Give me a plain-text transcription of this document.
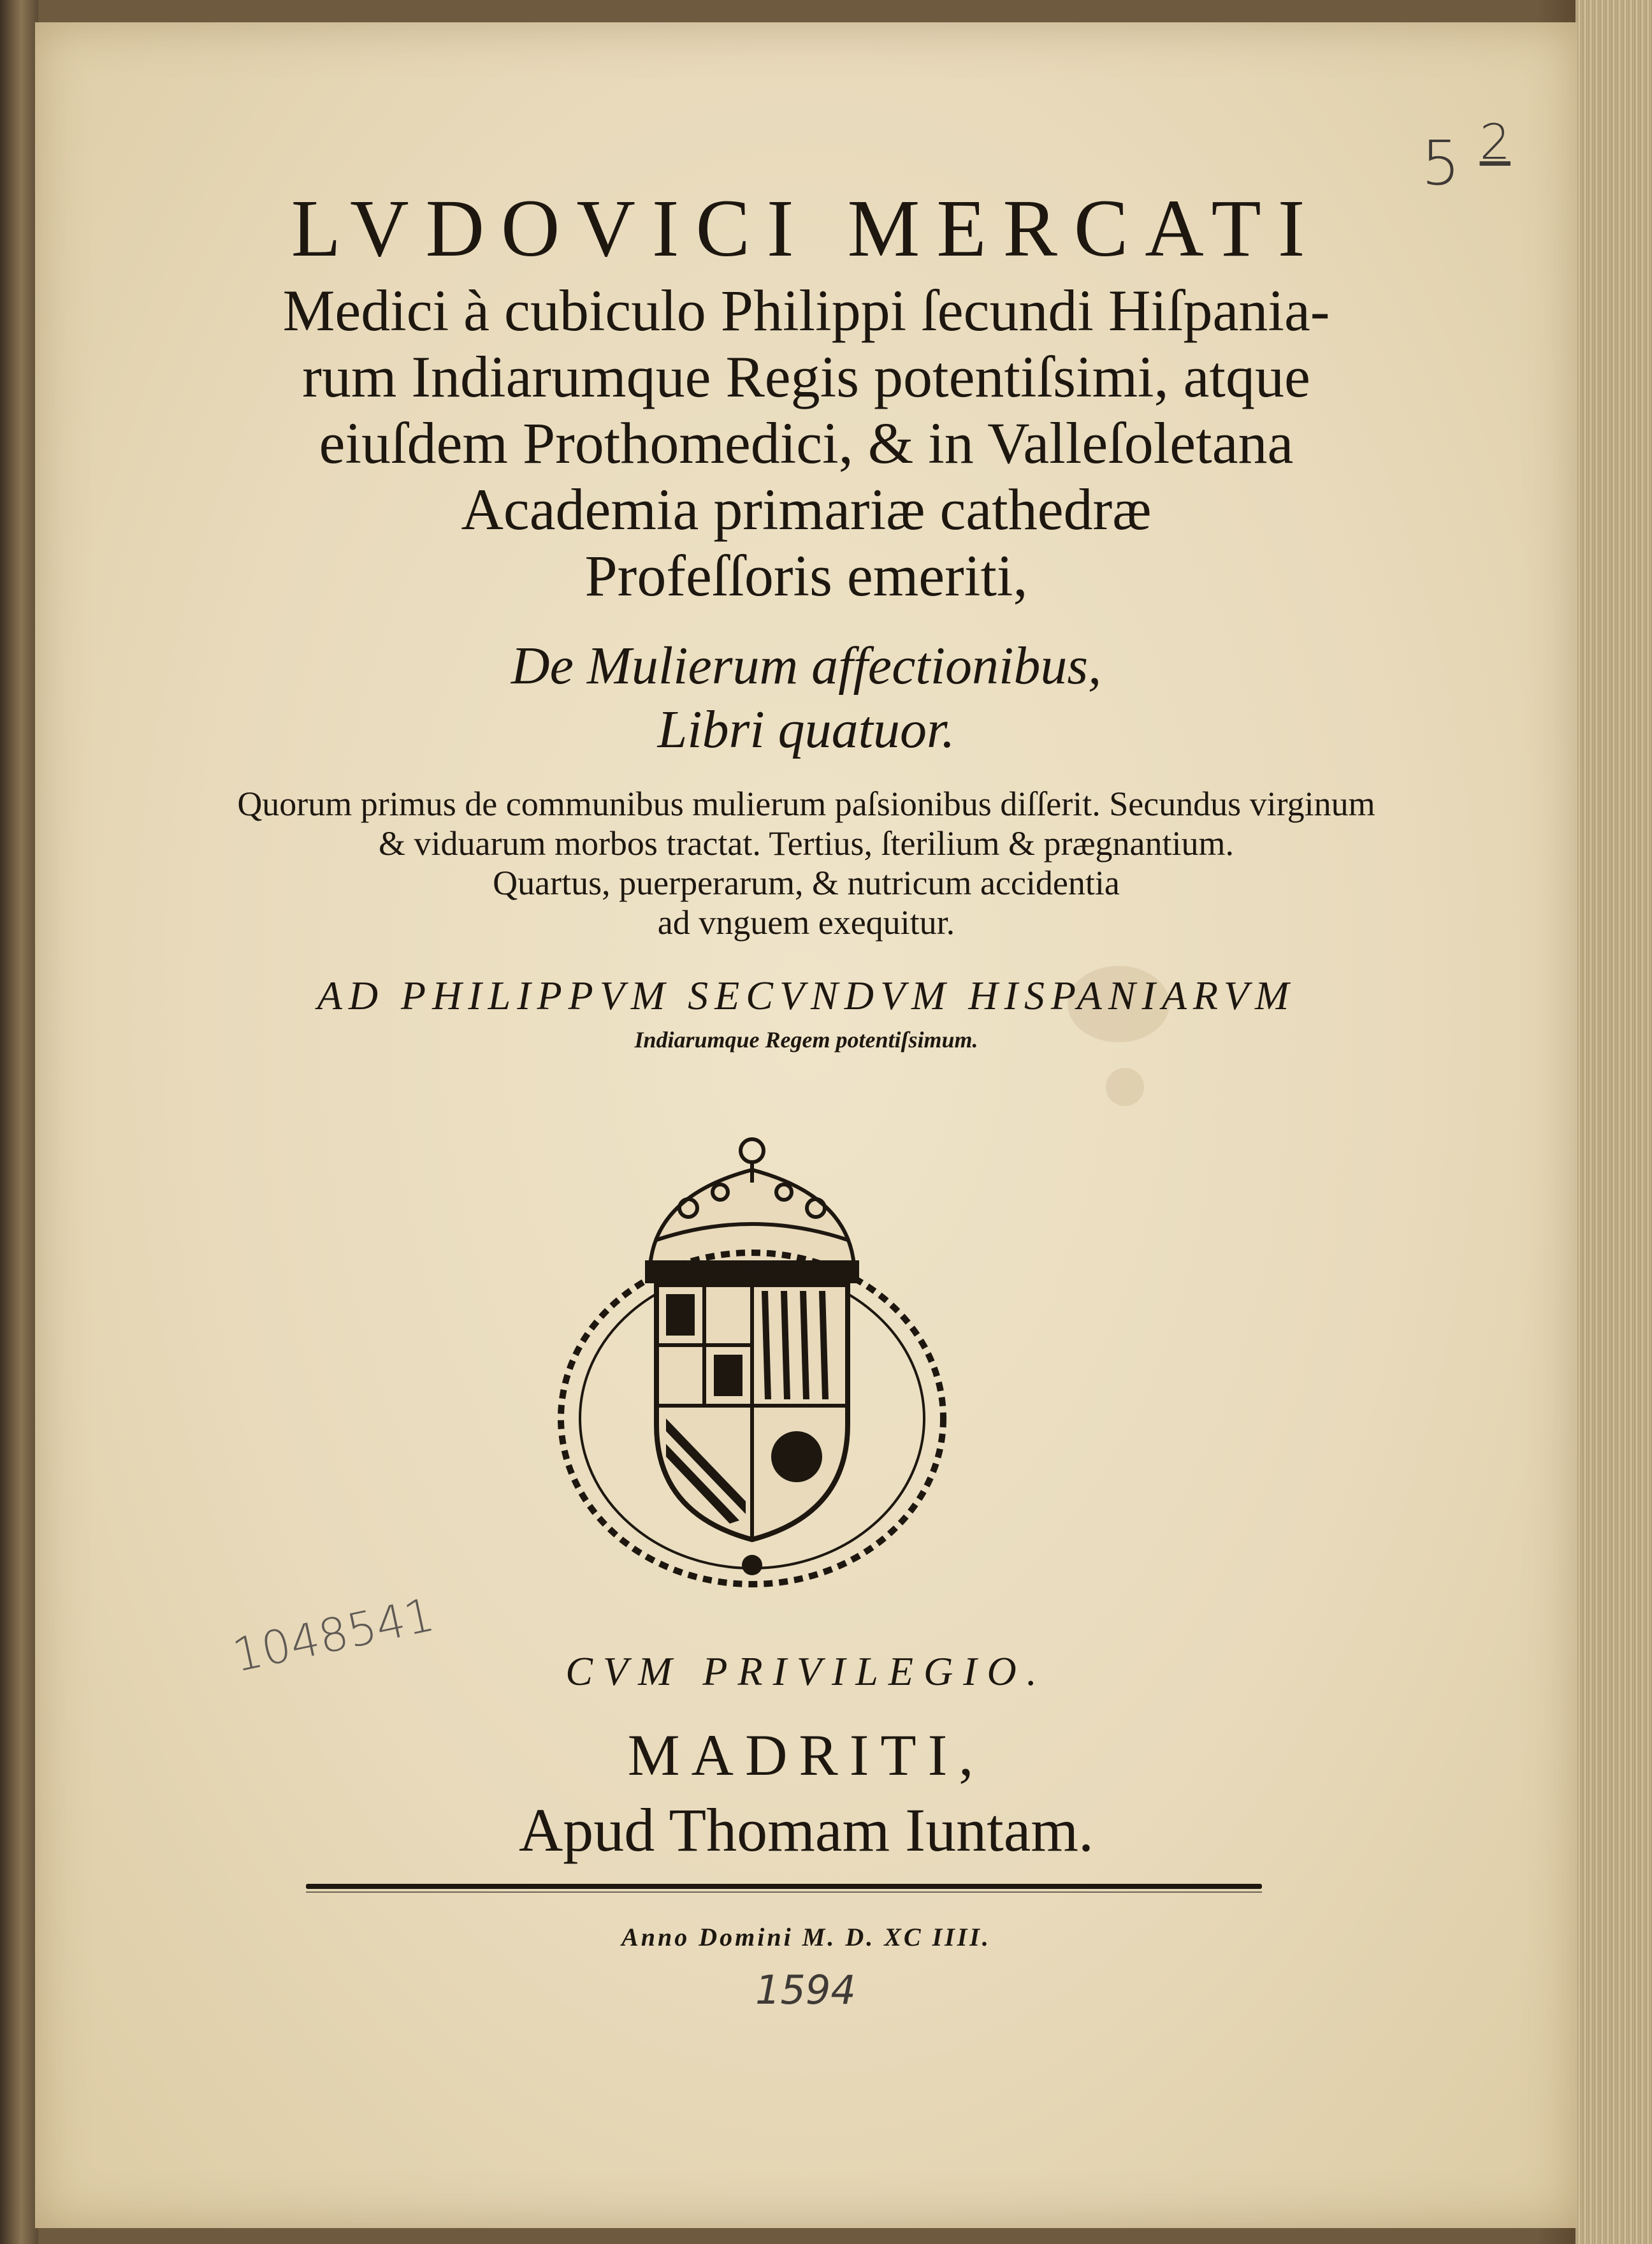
LVDOVICI MERCATI
Medici à cubiculo Philippi ſecundi Hiſpania-
rum Indiarumque Regis potentiſsimi, atque
eiuſdem Prothomedici, & in Valleſoletana
Academia primariæ cathedræ
Profeſſoris emeriti,
De Mulierum affectionibus,
Libri quatuor.
Quorum primus de communibus mulierum paſsionibus diſſerit. Secundus virginum
& viduarum morbos tractat. Tertius, ſterilium & prægnantium.
Quartus, puerperarum, & nutricum accidentia
ad vnguem exequitur.
AD PHILIPPVM SECVNDVM HISPANIARVM
Indiarumque Regem potentiſsimum.
CVM PRIVILEGIO.
MADRITI,
Apud Thomam Iuntam.
Anno Domini M. D. XC IIII.
1594
5 $^2$
1048541
